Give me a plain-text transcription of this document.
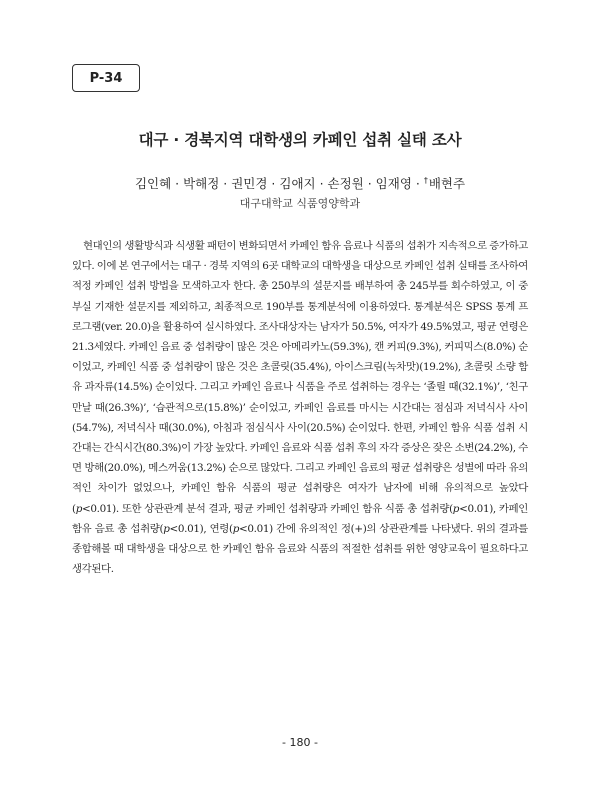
P-34
대구 · 경북지역 대학생의 카페인 섭취 실태 조사
김인혜 · 박해정 · 권민경 · 김애지 · 손정원 · 임재영 · †배현주
대구대학교 식품영양학과

현대인의 생활방식과 식생활 패턴이 변화되면서 카페인 함유 음료나 식품의 섭취가 지속적으로 증가하고 있다. 이에 본 연구에서는 대구 · 경북 지역의 6곳 대학교의 대학생을 대상으로 카페인 섭취 실태를 조사하여 적정 카페인 섭취 방법을 모색하고자 한다. 총 250부의 설문지를 배부하여 총 245부를 회수하였고, 이 중 부실 기재한 설문지를 제외하고, 최종적으로 190부를 통계분석에 이용하였다. 통계분석은 SPSS 통계 프로그램(ver. 20.0)을 활용하여 실시하였다. 조사대상자는 남자가 50.5%, 여자가 49.5%였고, 평균 연령은 21.3세였다. 카페인 음료 중 섭취량이 많은 것은 아메리카노(59.3%), 캔 커피(9.3%), 커피믹스(8.0%) 순이었고, 카페인 식품 중 섭취량이 많은 것은 초콜릿(35.4%), 아이스크림(녹차맛)(19.2%), 초콜릿 소량 함유 과자류(14.5%) 순이었다. 그리고 카페인 음료나 식품을 주로 섭취하는 경우는 ‘졸릴 때(32.1%)’, ‘친구 만날 때(26.3%)’, ‘습관적으로(15.8%)’ 순이었고, 카페인 음료를 마시는 시간대는 점심과 저녁식사 사이(54.7%), 저녁식사 때(30.0%), 아침과 점심식사 사이(20.5%) 순이었다. 한편, 카페인 함유 식품 섭취 시간대는 간식시간(80.3%)이 가장 높았다. 카페인 음료와 식품 섭취 후의 자각 증상은 잦은 소변(24.2%), 수면 방해(20.0%), 메스꺼움(13.2%) 순으로 많았다. 그리고 카페인 음료의 평균 섭취량은 성별에 따라 유의적인 차이가 없었으나, 카페인 함유 식품의 평균 섭취량은 여자가 남자에 비해 유의적으로 높았다(p<0.01). 또한 상관관계 분석 결과, 평균 카페인 섭취량과 카페인 함유 식품 총 섭취량(p<0.01), 카페인 함유 음료 총 섭취량(p<0.01), 연령(p<0.01) 간에 유의적인 정(+)의 상관관계를 나타냈다. 위의 결과를 종합해볼 때 대학생을 대상으로 한 카페인 함유 음료와 식품의 적절한 섭취를 위한 영양교육이 필요하다고 생각된다.

- 180 -
